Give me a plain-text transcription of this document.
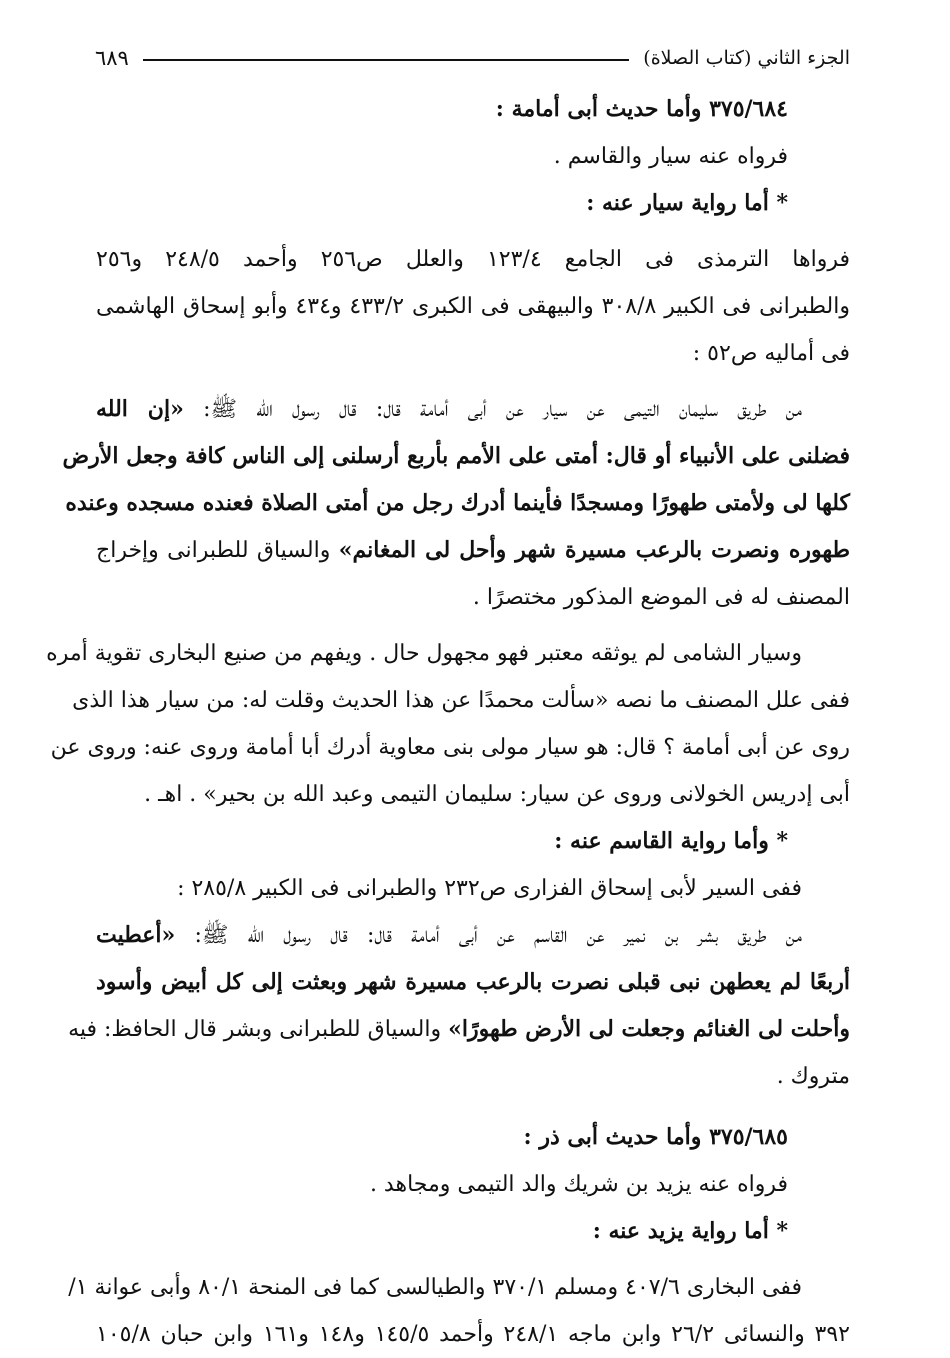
الجزء الثاني (كتاب الصلاة)
٦٨٩
٣٧٥/٦٨٤ وأما حديث أبى أمامة :
فرواه عنه سيار والقاسم .
* أما رواية سيار عنه :
فرواها الترمذى فى الجامع ١٢٣/٤ والعلل ص٢٥٦ وأحمد ٢٤٨/٥ و٢٥٦
والطبرانى فى الكبير ٣٠٨/٨ والبيهقى فى الكبرى ٤٣٣/٢ و٤٣٤ وأبو إسحاق الهاشمى
فى أماليه ص٥٢ :
من طريق سليمان التيمى عن سيار عن أبى أمامة قال: قال رسول الله ﷺ: «إن الله
فضلنى على الأنبياء أو قال: أمتى على الأمم بأربع أرسلنى إلى الناس كافة وجعل الأرض
كلها لى ولأمتى طهورًا ومسجدًا فأينما أدرك رجل من أمتى الصلاة فعنده مسجده وعنده
طهوره ونصرت بالرعب مسيرة شهر وأحل لى المغانم» والسياق للطبرانى وإخراج
المصنف له فى الموضع المذكور مختصرًا .
وسيار الشامى لم يوثقه معتبر فهو مجهول حال . ويفهم من صنيع البخارى تقوية أمره
ففى علل المصنف ما نصه «سألت محمدًا عن هذا الحديث وقلت له: من سيار هذا الذى
روى عن أبى أمامة ؟ قال: هو سيار مولى بنى معاوية أدرك أبا أمامة وروى عنه: وروى عن
أبى إدريس الخولانى وروى عن سيار: سليمان التيمى وعبد الله بن بحير» . اهـ .
* وأما رواية القاسم عنه :
ففى السير لأبى إسحاق الفزارى ص٢٣٢ والطبرانى فى الكبير ٢٨٥/٨ :
من طريق بشر بن نمير عن القاسم عن أبى أمامة قال: قال رسول الله ﷺ: «أعطيت
أربعًا لم يعطهن نبى قبلى نصرت بالرعب مسيرة شهر وبعثت إلى كل أبيض وأسود
وأحلت لى الغنائم وجعلت لى الأرض طهورًا» والسياق للطبرانى وبشر قال الحافظ: فيه
متروك .
٣٧٥/٦٨٥ وأما حديث أبى ذر :
فرواه عنه يزيد بن شريك والد التيمى ومجاهد .
* أما رواية يزيد عنه :
ففى البخارى ٤٠٧/٦ ومسلم ٣٧٠/١ والطيالسى كما فى المنحة ٨٠/١ وأبى عوانة ١/
٣٩٢ والنسائى ٢٦/٢ وابن ماجه ٢٤٨/١ وأحمد ١٤٥/٥ و١٤٨ و١٦١ وابن حبان ١٠٥/٨
